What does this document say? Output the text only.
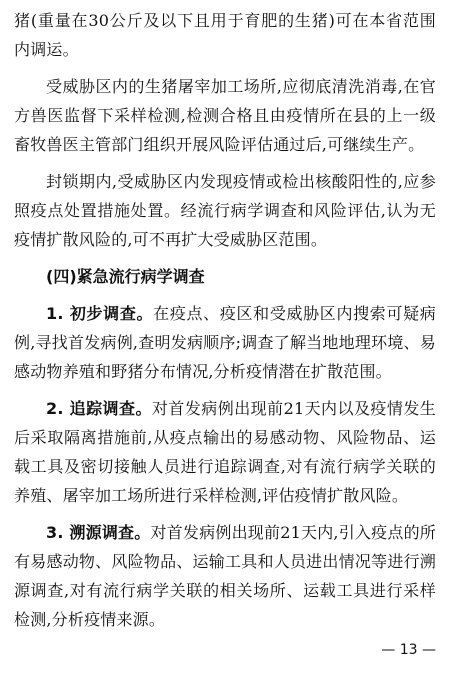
猪(重量在30公斤及以下且用于育肥的生猪)可在本省范围内调运。

受威胁区内的生猪屠宰加工场所,应彻底清洗消毒,在官方兽医监督下采样检测,检测合格且由疫情所在县的上一级畜牧兽医主管部门组织开展风险评估通过后,可继续生产。

封锁期内,受威胁区内发现疫情或检出核酸阳性的,应参照疫点处置措施处置。经流行病学调查和风险评估,认为无疫情扩散风险的,可不再扩大受威胁区范围。

(四)紧急流行病学调查

1. 初步调查。在疫点、疫区和受威胁区内搜索可疑病例,寻找首发病例,查明发病顺序;调查了解当地地理环境、易感动物养殖和野猪分布情况,分析疫情潜在扩散范围。

2. 追踪调查。对首发病例出现前21天内以及疫情发生后采取隔离措施前,从疫点输出的易感动物、风险物品、运载工具及密切接触人员进行追踪调查,对有流行病学关联的养殖、屠宰加工场所进行采样检测,评估疫情扩散风险。

3. 溯源调查。对首发病例出现前21天内,引入疫点的所有易感动物、风险物品、运输工具和人员进出情况等进行溯源调查,对有流行病学关联的相关场所、运载工具进行采样检测,分析疫情来源。

— 13 —
